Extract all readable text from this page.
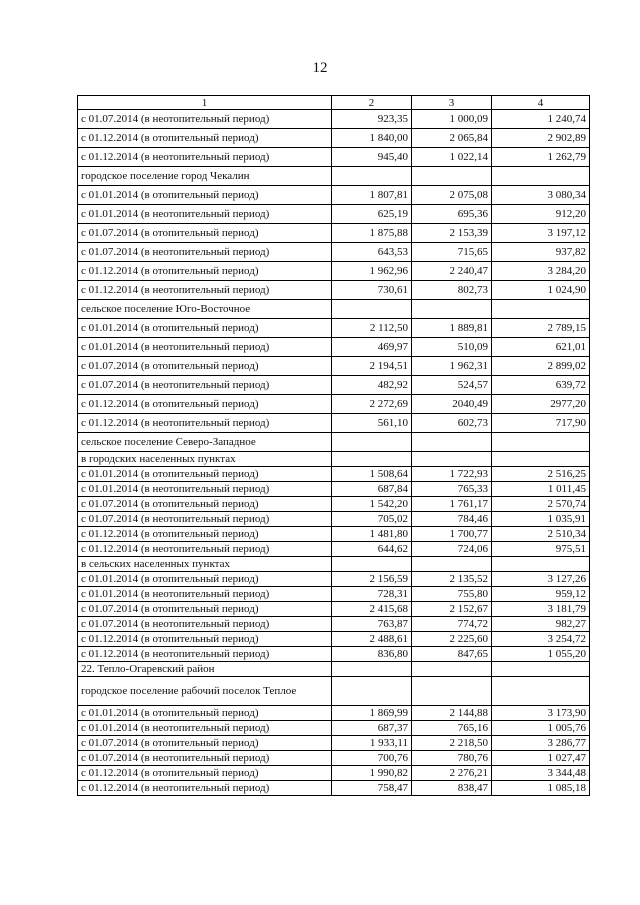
12
1	2	3	4
с 01.07.2014 (в неотопительный период)	923,35	1 000,09	1 240,74
с 01.12.2014 (в отопительный период)	1 840,00	2 065,84	2 902,89
с 01.12.2014 (в неотопительный период)	945,40	1 022,14	1 262,79
городское поселение город Чекалин			
с 01.01.2014 (в отопительный период)	1 807,81	2 075,08	3 080,34
с 01.01.2014 (в неотопительный период)	625,19	695,36	912,20
с 01.07.2014 (в отопительный период)	1 875,88	2 153,39	3 197,12
с 01.07.2014 (в неотопительный период)	643,53	715,65	937,82
с 01.12.2014 (в отопительный период)	1 962,96	2 240,47	3 284,20
с 01.12.2014 (в неотопительный период)	730,61	802,73	1 024,90
сельское поселение Юго-Восточное			
с 01.01.2014 (в отопительный период)	2 112,50	1 889,81	2 789,15
с 01.01.2014 (в неотопительный период)	469,97	510,09	621,01
с 01.07.2014 (в отопительный период)	2 194,51	1 962,31	2 899,02
с 01.07.2014 (в неотопительный период)	482,92	524,57	639,72
с 01.12.2014 (в отопительный период)	2 272,69	2040,49	2977,20
с 01.12.2014 (в неотопительный период)	561,10	602,73	717,90
сельское поселение Северо-Западное			
в городских населенных пунктах			
с 01.01.2014 (в отопительный период)	1 508,64	1 722,93	2 516,25
с 01.01.2014 (в неотопительный период)	687,84	765,33	1 011,45
с 01.07.2014 (в отопительный период)	1 542,20	1 761,17	2 570,74
с 01.07.2014 (в неотопительный период)	705,02	784,46	1 035,91
с 01.12.2014 (в отопительный период)	1 481,80	1 700,77	2 510,34
с 01.12.2014 (в неотопительный период)	644,62	724,06	975,51
в сельских населенных пунктах			
с 01.01.2014 (в отопительный период)	2 156,59	2 135,52	3 127,26
с 01.01.2014 (в неотопительный период)	728,31	755,80	959,12
с 01.07.2014 (в отопительный период)	2 415,68	2 152,67	3 181,79
с 01.07.2014 (в неотопительный период)	763,87	774,72	982,27
с 01.12.2014 (в отопительный период)	2 488,61	2 225,60	3 254,72
с 01.12.2014 (в неотопительный период)	836,80	847,65	1 055,20
22. Тепло-Огаревский район			
городское поселение рабочий поселок Теплое			
с 01.01.2014 (в отопительный период)	1 869,99	2 144,88	3 173,90
с 01.01.2014 (в неотопительный период)	687,37	765,16	1 005,76
с 01.07.2014 (в отопительный период)	1 933,11	2 218,50	3 286,77
с 01.07.2014 (в неотопительный период)	700,76	780,76	1 027,47
с 01.12.2014 (в отопительный период)	1 990,82	2 276,21	3 344,48
с 01.12.2014 (в неотопительный период)	758,47	838,47	1 085,18
